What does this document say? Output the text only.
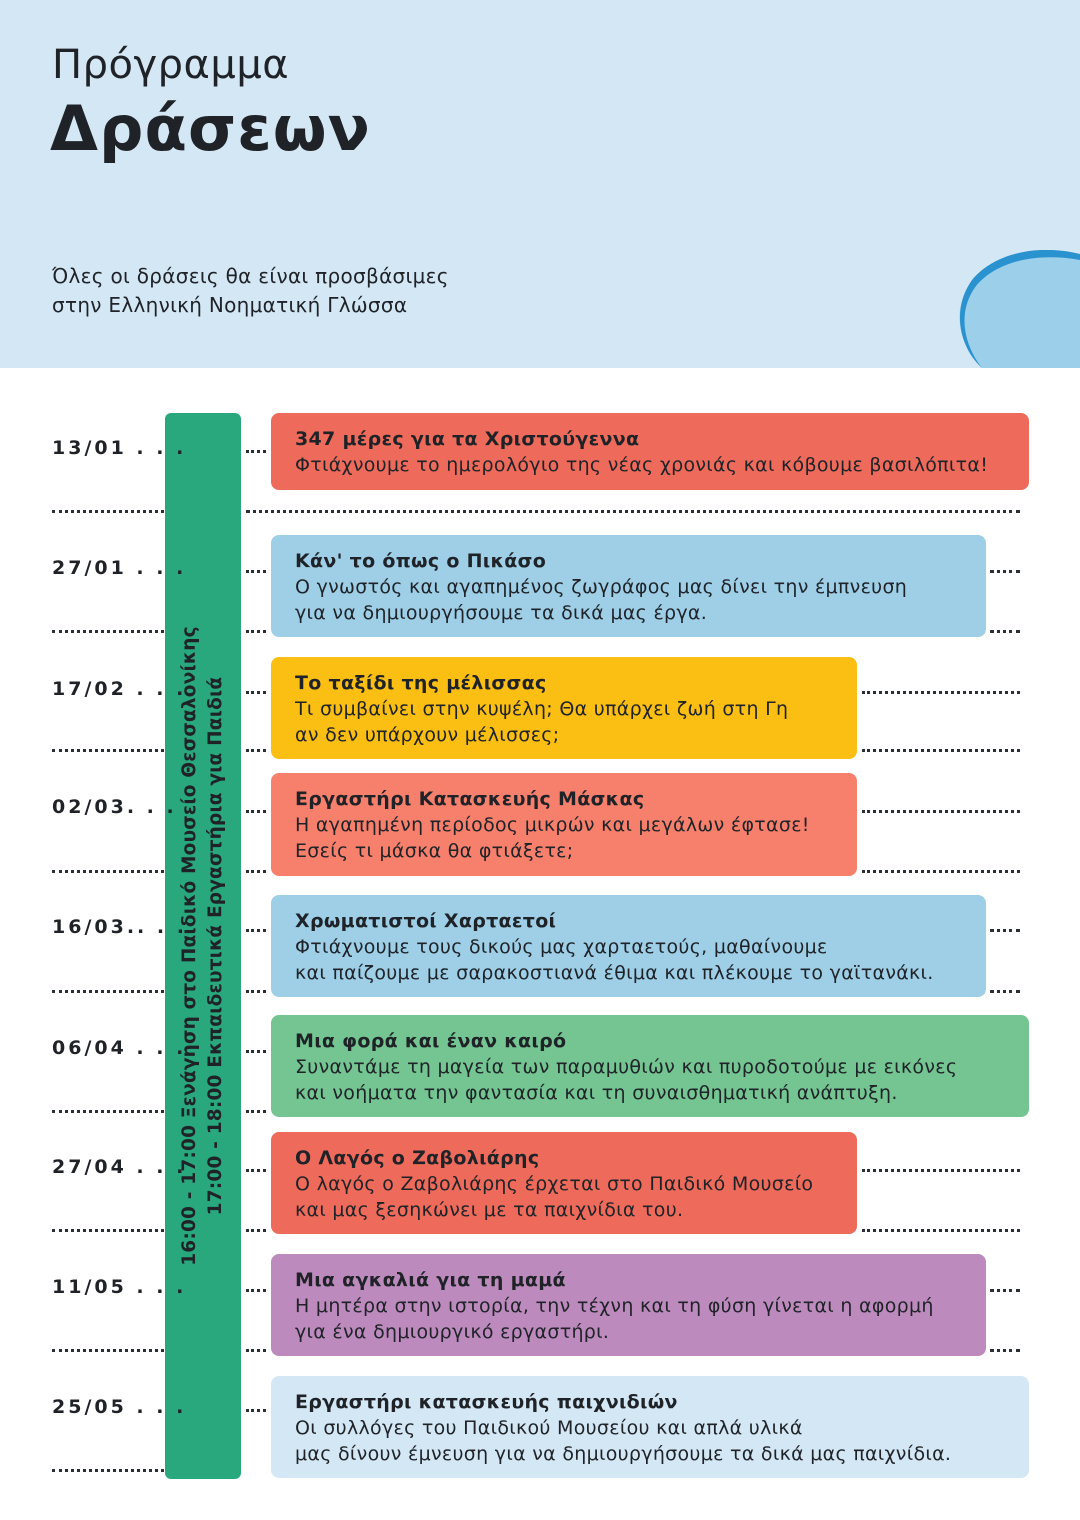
Πρόγραμμα
Δράσεων
Όλες οι δράσεις θα είναι προσβάσιμες
στην Ελληνική Νοηματική Γλώσσα
16:00 - 17:00 Ξενάγηση στο Παιδικό Μουσείο Θεσσαλονίκης 17:00 - 18:00 Εκπαιδευτικά Εργαστήρια για Παιδιά
13/01 . . .	347 μέρες για τα Χριστούγεννα
Φτιάχνουμε το ημερολόγιο της νέας χρονιάς και κόβουμε βασιλόπιτα!
27/01 . . .	Κάν' το όπως ο Πικάσο
Ο γνωστός και αγαπημένος ζωγράφος μας δίνει την έμπνευση
για να δημιουργήσουμε τα δικά μας έργα.
17/02 . . .	Το ταξίδι της μέλισσας
Τι συμβαίνει στην κυψέλη; Θα υπάρχει ζωή στη Γη
αν δεν υπάρχουν μέλισσες;
02/03. . .	Εργαστήρι Κατασκευής Μάσκας
Η αγαπημένη περίοδος μικρών και μεγάλων έφτασε!
Εσείς τι μάσκα θα φτιάξετε;
16/03.. . .	Χρωματιστοί Χαρταετοί
Φτιάχνουμε τους δικούς μας χαρταετούς, μαθαίνουμε
και παίζουμε με σαρακοστιανά έθιμα και πλέκουμε το γαϊτανάκι.
06/04 . . .	Μια φορά και έναν καιρό
Συναντάμε τη μαγεία των παραμυθιών και πυροδοτούμε με εικόνες
και νοήματα την φαντασία και τη συναισθηματική ανάπτυξη.
27/04 . . .	Ο Λαγός ο Ζαβολιάρης
Ο λαγός ο Ζαβολιάρης έρχεται στο Παιδικό Μουσείο
και μας ξεσηκώνει με τα παιχνίδια του.
11/05 . . .	Μια αγκαλιά για τη μαμά
Η μητέρα στην ιστορία, την τέχνη και τη φύση γίνεται η αφορμή
για ένα δημιουργικό εργαστήρι.
25/05 . . .	Εργαστήρι κατασκευής παιχνιδιών
Οι συλλόγες του Παιδικού Μουσείου και απλά υλικά
μας δίνουν έμνευση για να δημιουργήσουμε τα δικά μας παιχνίδια.
